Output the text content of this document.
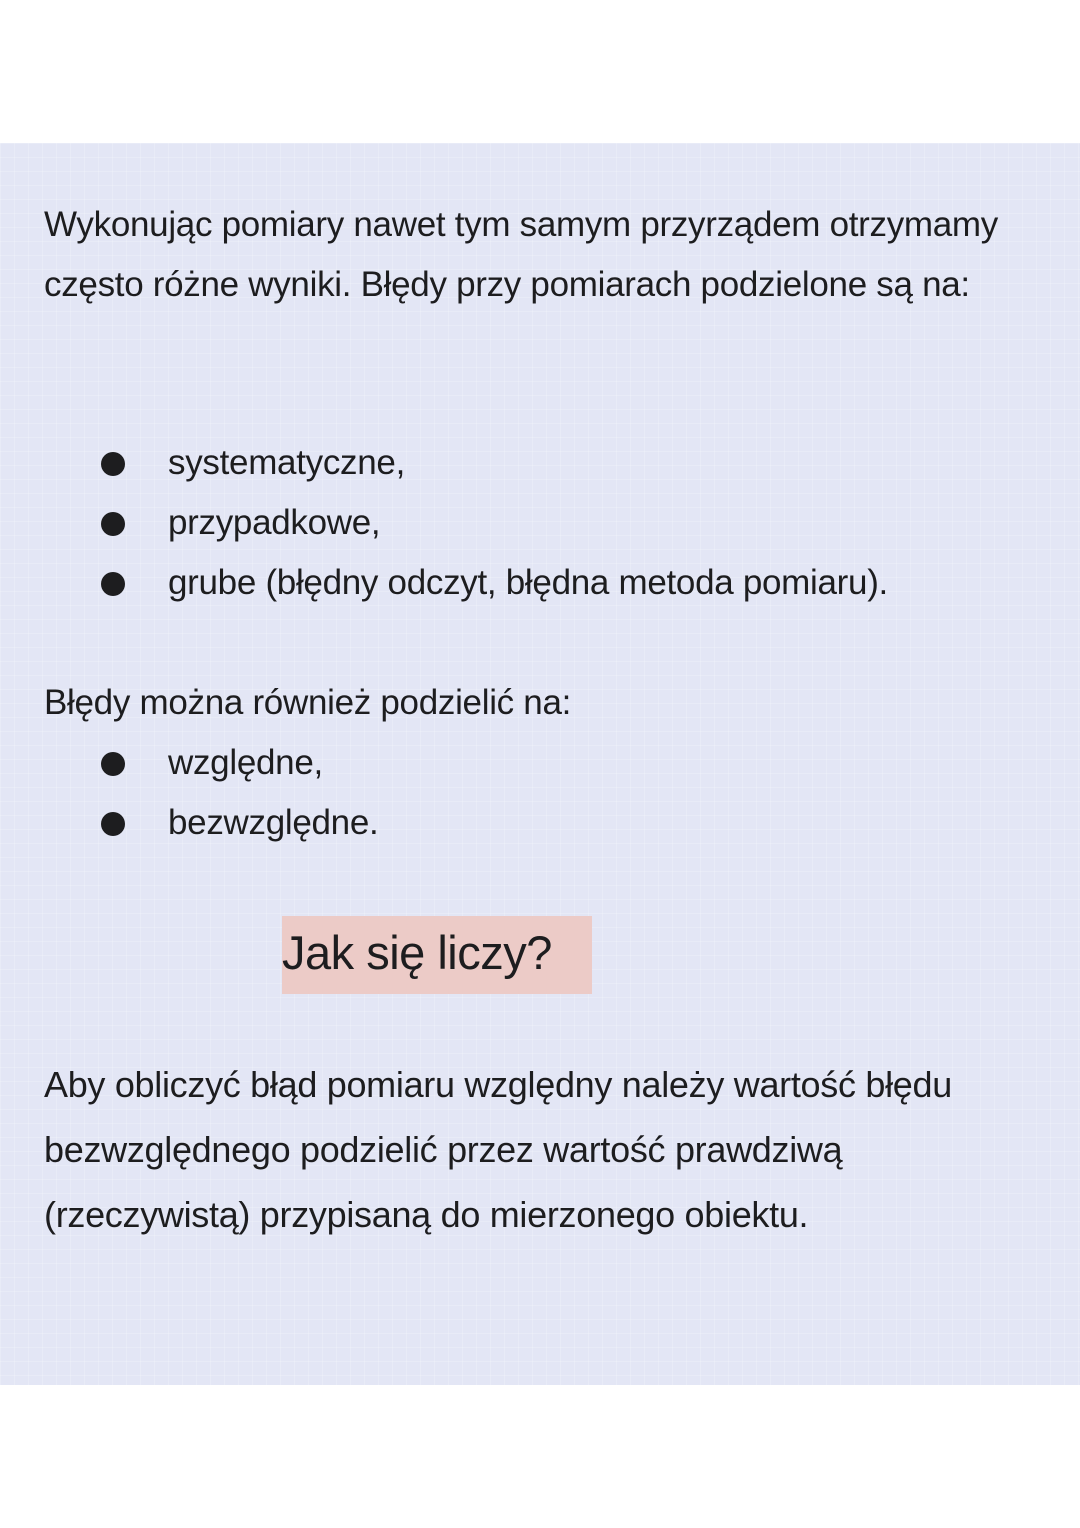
Wykonując pomiary nawet tym samym przyrządem otrzymamy często różne wyniki. Błędy przy pomiarach podzielone są na:

systematyczne,
przypadkowe,
grube (błędny odczyt, błędna metoda pomiaru).

Błędy można również podzielić na:

względne,
bezwzględne.
Jak się liczy?

Aby obliczyć błąd pomiaru względny należy wartość błędu bezwzględnego podzielić przez wartość prawdziwą (rzeczywistą) przypisaną do mierzonego obiektu.
